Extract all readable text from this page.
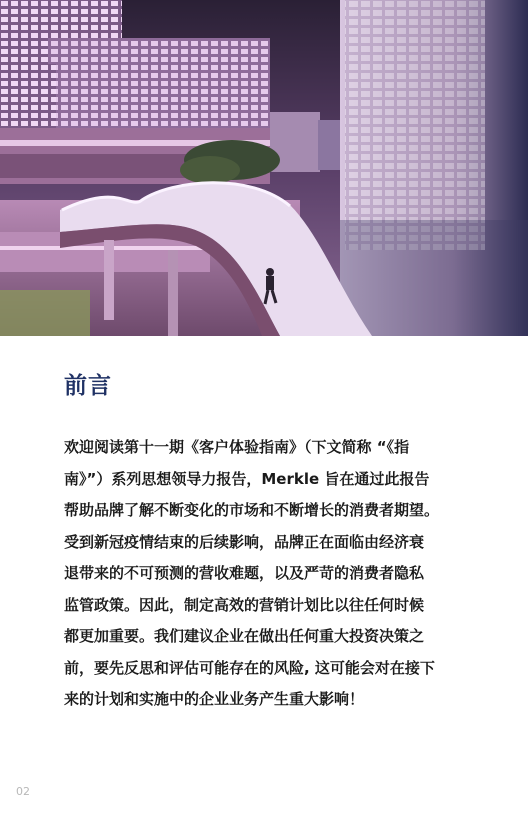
前言
欢迎阅读第十一期《客户体验指南》（下文简称 “《指
南》”）系列思想领导力报告，Merkle 旨在通过此报告
帮助品牌了解不断变化的市场和不断增长的消费者期望。
受到新冠疫情结束的后续影响，品牌正在面临由经济衰
退带来的不可预测的营收难题，以及严苛的消费者隐私
监管政策。因此，制定高效的营销计划比以往任何时候
都更加重要。我们建议企业在做出任何重大投资决策之
前，要先反思和评估可能存在的风险, 这可能会对在接下
来的计划和实施中的企业业务产生重大影响！
02
